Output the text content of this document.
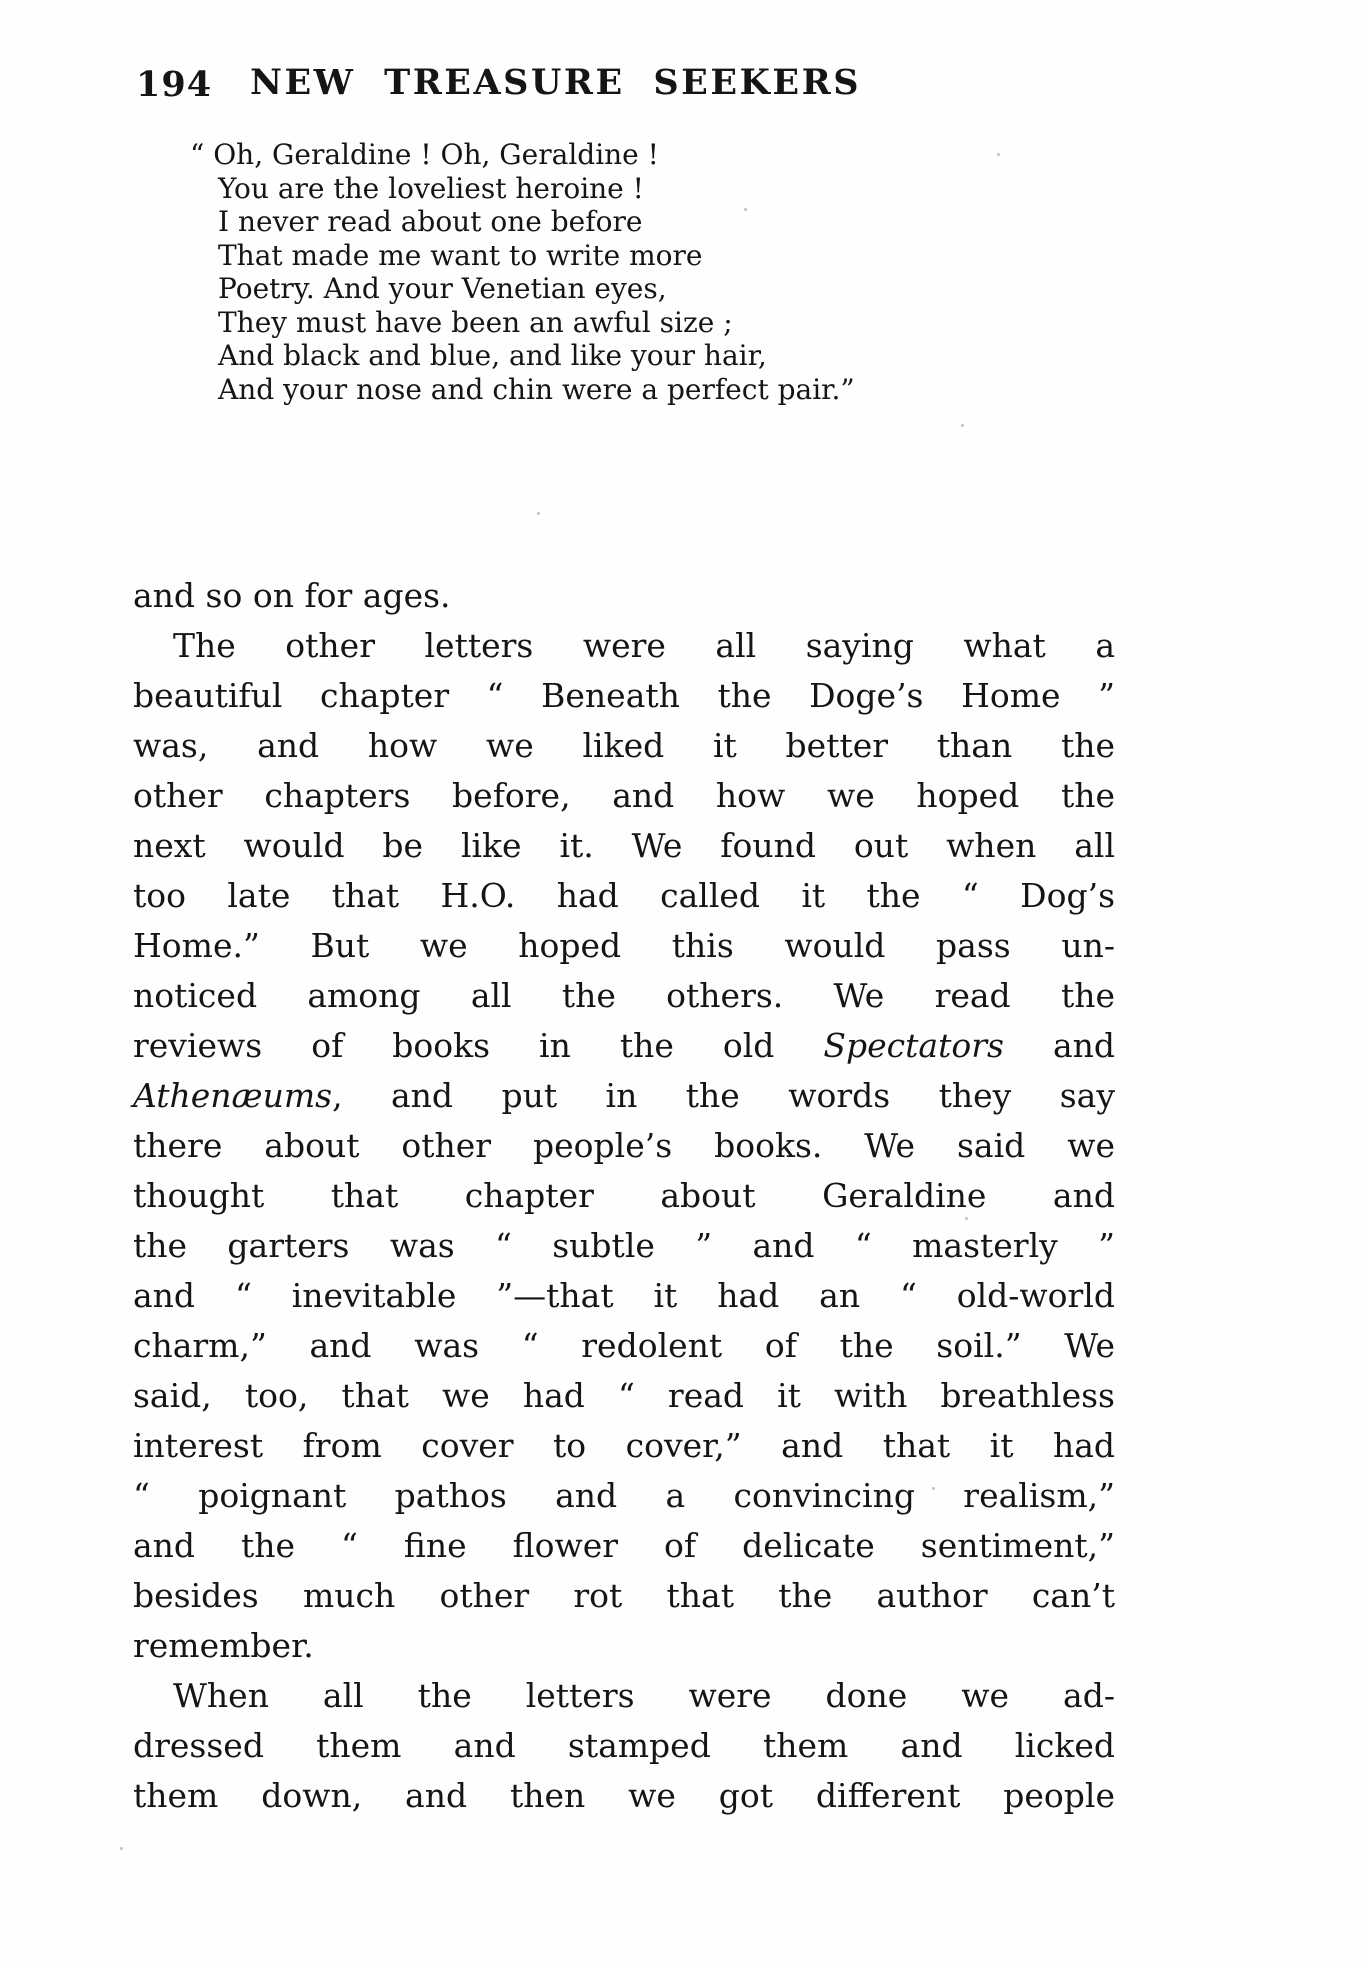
194 NEW TREASURE SEEKERS
“ Oh, Geraldine ! Oh, Geraldine !
You are the loveliest heroine !
I never read about one before
That made me want to write more
Poetry. And your Venetian eyes,
They must have been an awful size ;
And black and blue, and like your hair,
And your nose and chin were a perfect pair.”
and so on for ages.
The other letters were all saying what a
beautiful chapter “ Beneath the Doge’s Home ”
was, and how we liked it better than the
other chapters before, and how we hoped the
next would be like it. We found out when all
too late that H.O. had called it the “ Dog’s
Home.” But we hoped this would pass un-
noticed among all the others. We read the
reviews of books in the old Spectators and
Athenæums, and put in the words they say
there about other people’s books. We said we
thought that chapter about Geraldine and
the garters was “ subtle ” and “ masterly ”
and “ inevitable ”—that it had an “ old-world
charm,” and was “ redolent of the soil.” We
said, too, that we had “ read it with breathless
interest from cover to cover,” and that it had
“ poignant pathos and a convincing realism,”
and the “ fine flower of delicate sentiment,”
besides much other rot that the author can’t
remember.
When all the letters were done we ad-
dressed them and stamped them and licked
them down, and then we got different people
